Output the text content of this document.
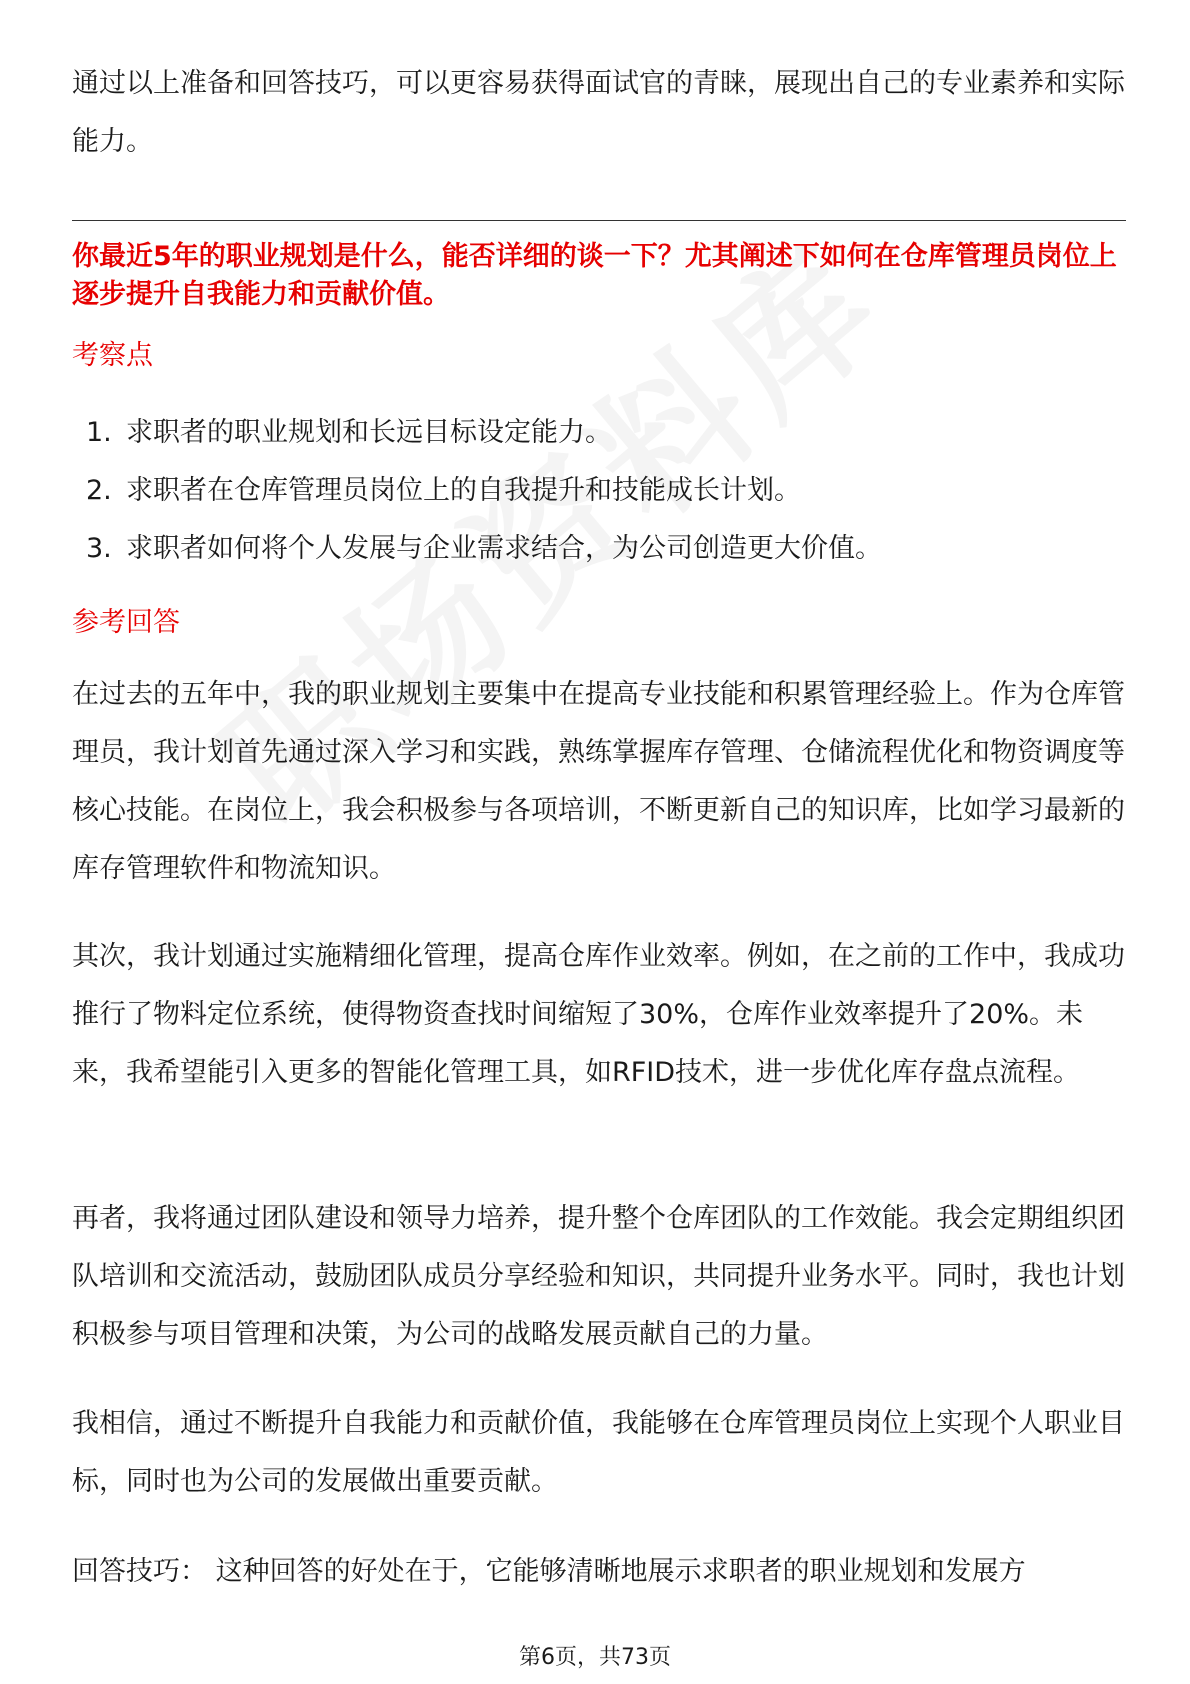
通过以上准备和回答技巧，可以更容易获得面试官的青睐，展现出自己的专业素养和实际能力。

你最近5年的职业规划是什么，能否详细的谈一下？尤其阐述下如何在仓库管理员岗位上逐步提升自我能力和贡献价值。

考察点
1. 求职者的职业规划和长远目标设定能力。
2. 求职者在仓库管理员岗位上的自我提升和技能成长计划。
3. 求职者如何将个人发展与企业需求结合，为公司创造更大价值。
参考回答

在过去的五年中，我的职业规划主要集中在提高专业技能和积累管理经验上。作为仓库管理员，我计划首先通过深入学习和实践，熟练掌握库存管理、仓储流程优化和物资调度等核心技能。在岗位上，我会积极参与各项培训，不断更新自己的知识库，比如学习最新的库存管理软件和物流知识。

其次，我计划通过实施精细化管理，提高仓库作业效率。例如，在之前的工作中，我成功推行了物料定位系统，使得物资查找时间缩短了30%，仓库作业效率提升了20%。未来，我希望能引入更多的智能化管理工具，如RFID技术，进一步优化库存盘点流程。

再者，我将通过团队建设和领导力培养，提升整个仓库团队的工作效能。我会定期组织团队培训和交流活动，鼓励团队成员分享经验和知识，共同提升业务水平。同时，我也计划积极参与项目管理和决策，为公司的战略发展贡献自己的力量。

我相信，通过不断提升自我能力和贡献价值，我能够在仓库管理员岗位上实现个人职业目标，同时也为公司的发展做出重要贡献。

回答技巧： 这种回答的好处在于，它能够清晰地展示求职者的职业规划和发展方

第6页，共73页
